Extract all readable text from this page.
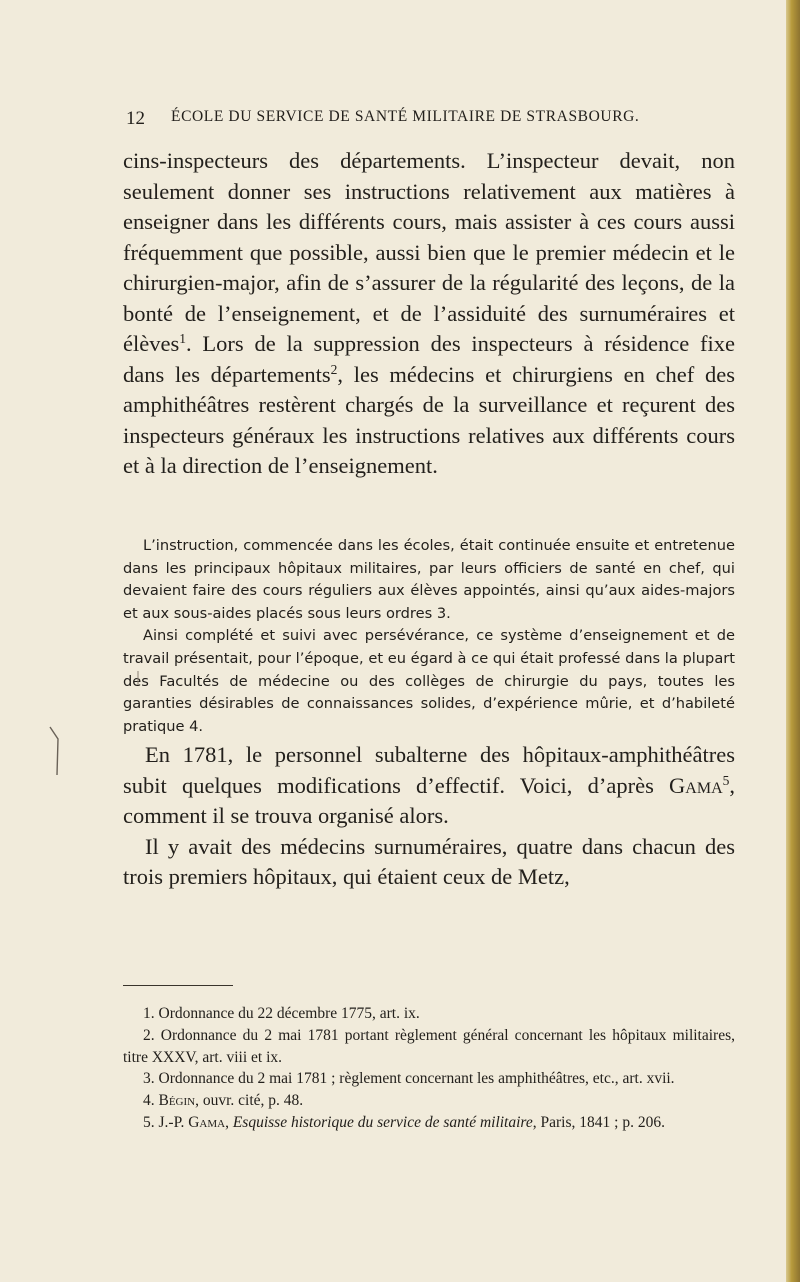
12 ÉCOLE DU SERVICE DE SANTÉ MILITAIRE DE STRASBOURG.

cins-inspecteurs des départements. L’inspecteur devait, non seulement donner ses instructions relativement aux matières à enseigner dans les différents cours, mais assister à ces cours aussi fréquemment que possible, aussi bien que le premier médecin et le chirurgien-major, afin de s’assurer de la régularité des leçons, de la bonté de l’enseignement, et de l’assiduité des surnuméraires et élèves$^1$. Lors de la suppression des inspecteurs à résidence fixe dans les départements$^2$, les médecins et chirurgiens en chef des amphithéâtres restèrent chargés de la surveillance et reçurent des inspecteurs généraux les instructions relatives aux différents cours et à la direction de l’enseignement.

L’instruction, commencée dans les écoles, était continuée ensuite et entretenue dans les principaux hôpitaux militaires, par leurs officiers de santé en chef, qui devaient faire des cours réguliers aux élèves appointés, ainsi qu’aux aides-majors et aux sous-aides placés sous leurs ordres 3.

Ainsi complété et suivi avec persévérance, ce système d’enseignement et de travail présentait, pour l’époque, et eu égard à ce qui était professé dans la plupart des Facultés de médecine ou des collèges de chirurgie du pays, toutes les garanties désirables de connaissances solides, d’expérience mûrie, et d’habileté pratique 4.

En 1781, le personnel subalterne des hôpitaux-amphithéâtres subit quelques modifications d’effectif. Voici, d’après Gama$^5$, comment il se trouva organisé alors.

Il y avait des médecins surnuméraires, quatre dans chacun des trois premiers hôpitaux, qui étaient ceux de Metz,

1. Ordonnance du 22 décembre 1775, art. ix.

2. Ordonnance du 2 mai 1781 portant règlement général concernant les hôpitaux militaires, titre XXXV, art. viii et ix.

3. Ordonnance du 2 mai 1781 ; règlement concernant les amphithéâtres, etc., art. xvii.

4. Bégin, ouvr. cité, p. 48.

5. J.-P. Gama, Esquisse historique du service de santé militaire, Paris, 1841 ; p. 206.
